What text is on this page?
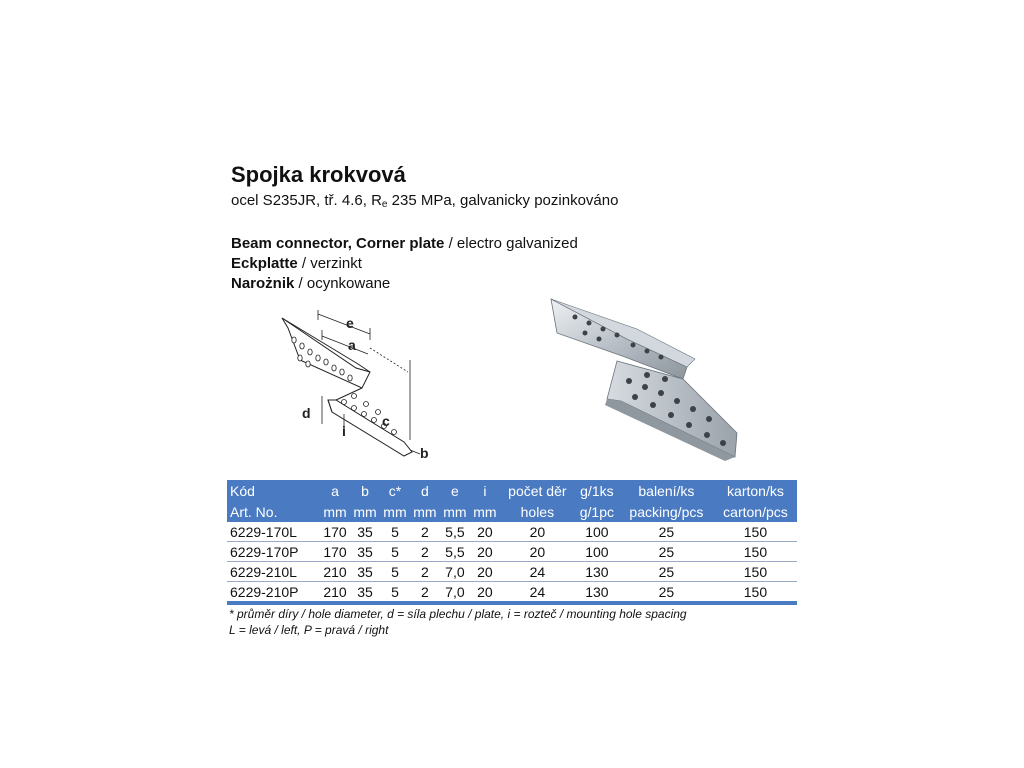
Spojka krokvová
ocel S235JR, tř. 4.6, Re 235 MPa, galvanicky pozinkováno
Beam connector, Corner plate / electro galvanized
Eckplatte / verzinkt
Narożnik / ocynkowane
e
a
c
d
i
b
Kód	a	b	c*	d	e	i	počet děr	g/1ks	balení/ks	karton/ks
Art. No.	mm	mm	mm	mm	mm	mm	holes	g/1pc	packing/pcs	carton/pcs
6229-170L	170	35	5	2	5,5	20	20	100	25	150
6229-170P	170	35	5	2	5,5	20	20	100	25	150
6229-210L	210	35	5	2	7,0	20	24	130	25	150
6229-210P	210	35	5	2	7,0	20	24	130	25	150
* průměr díry / hole diameter, d = síla plechu / plate, i = rozteč / mounting hole spacing
L = levá / left, P = pravá / right
